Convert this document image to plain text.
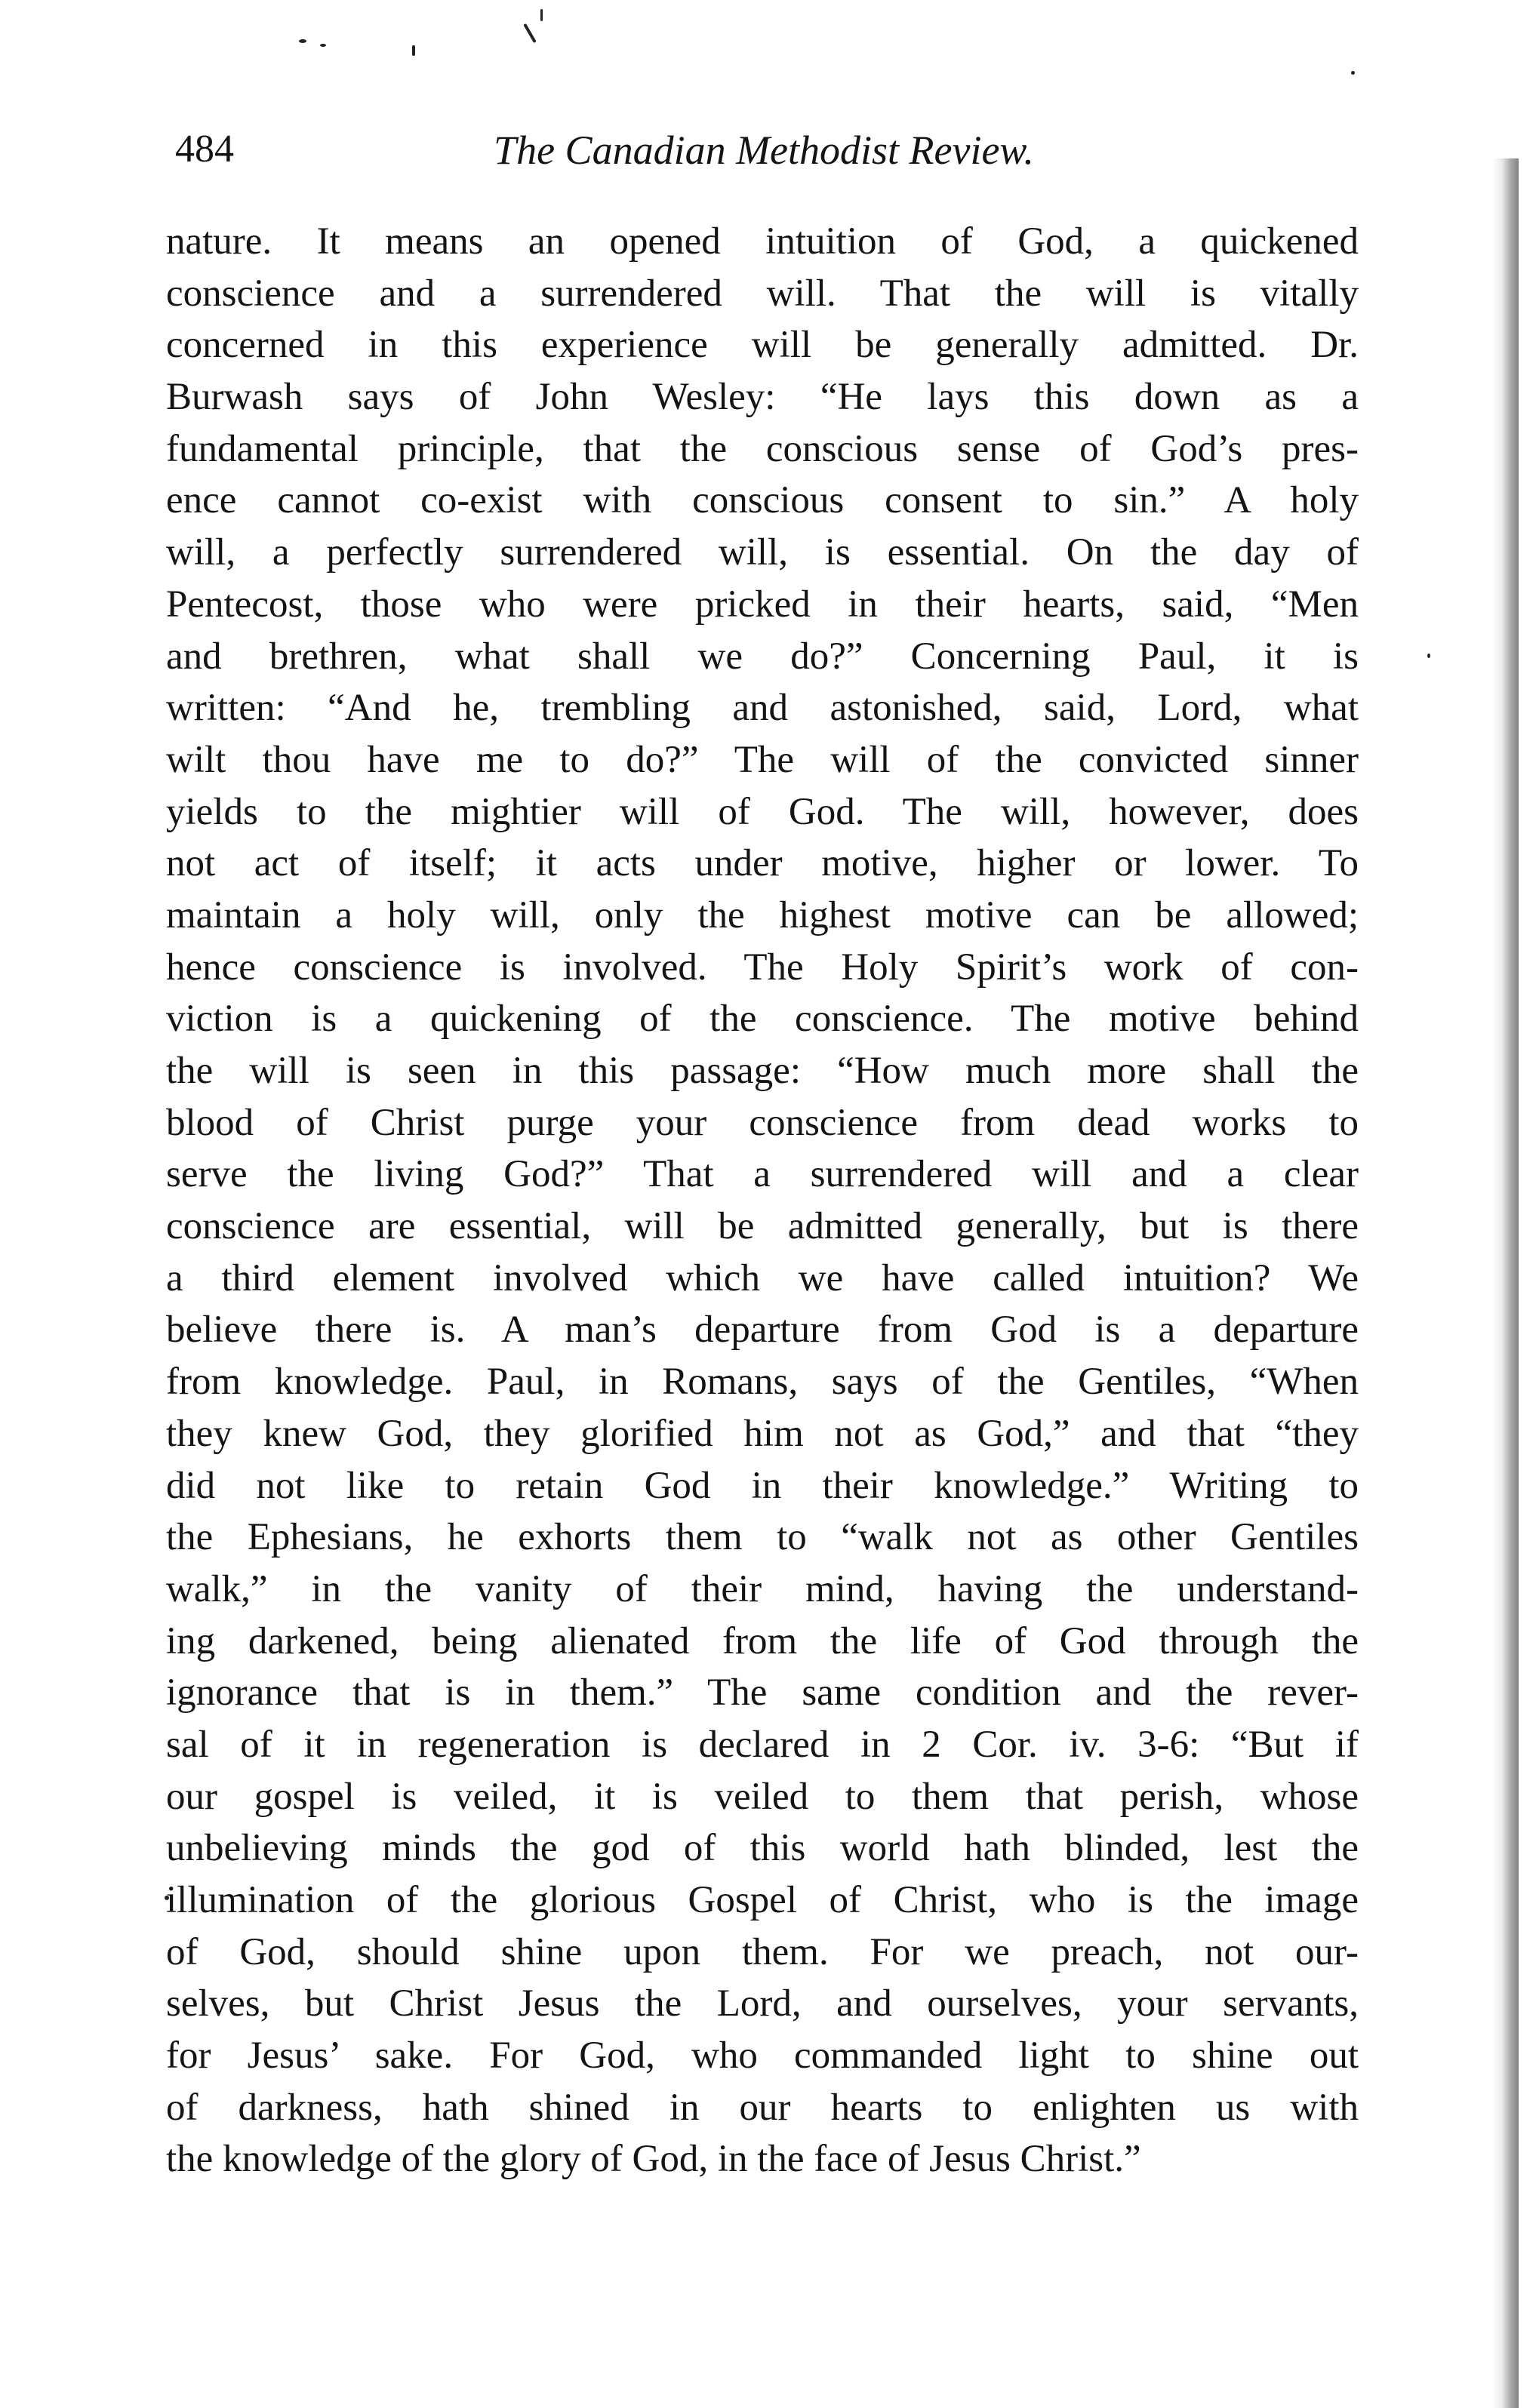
484	The Canadian Methodist Review.
nature. It means an opened intuition of God, a quickened
conscience and a surrendered will. That the will is vitally
concerned in this experience will be generally admitted. Dr.
Burwash says of John Wesley: “He lays this down as a
fundamental principle, that the conscious sense of God’s pres-
ence cannot co-exist with conscious consent to sin.” A holy
will, a perfectly surrendered will, is essential. On the day of
Pentecost, those who were pricked in their hearts, said, “Men
and brethren, what shall we do?” Concerning Paul, it is
written: “And he, trembling and astonished, said, Lord, what
wilt thou have me to do?” The will of the convicted sinner
yields to the mightier will of God. The will, however, does
not act of itself; it acts under motive, higher or lower. To
maintain a holy will, only the highest motive can be allowed;
hence conscience is involved. The Holy Spirit’s work of con-
viction is a quickening of the conscience. The motive behind
the will is seen in this passage: “How much more shall the
blood of Christ purge your conscience from dead works to
serve the living God?” That a surrendered will and a clear
conscience are essential, will be admitted generally, but is there
a third element involved which we have called intuition? We
believe there is. A man’s departure from God is a departure
from knowledge. Paul, in Romans, says of the Gentiles, “When
they knew God, they glorified him not as God,” and that “they
did not like to retain God in their knowledge.” Writing to
the Ephesians, he exhorts them to “walk not as other Gentiles
walk,” in the vanity of their mind, having the understand-
ing darkened, being alienated from the life of God through the
ignorance that is in them.” The same condition and the rever-
sal of it in regeneration is declared in 2 Cor. iv. 3-6: “But if
our gospel is veiled, it is veiled to them that perish, whose
unbelieving minds the god of this world hath blinded, lest the
illumination of the glorious Gospel of Christ, who is the image
of God, should shine upon them. For we preach, not our-
selves, but Christ Jesus the Lord, and ourselves, your servants,
for Jesus’ sake. For God, who commanded light to shine out
of darkness, hath shined in our hearts to enlighten us with
the knowledge of the glory of God, in the face of Jesus Christ.”
